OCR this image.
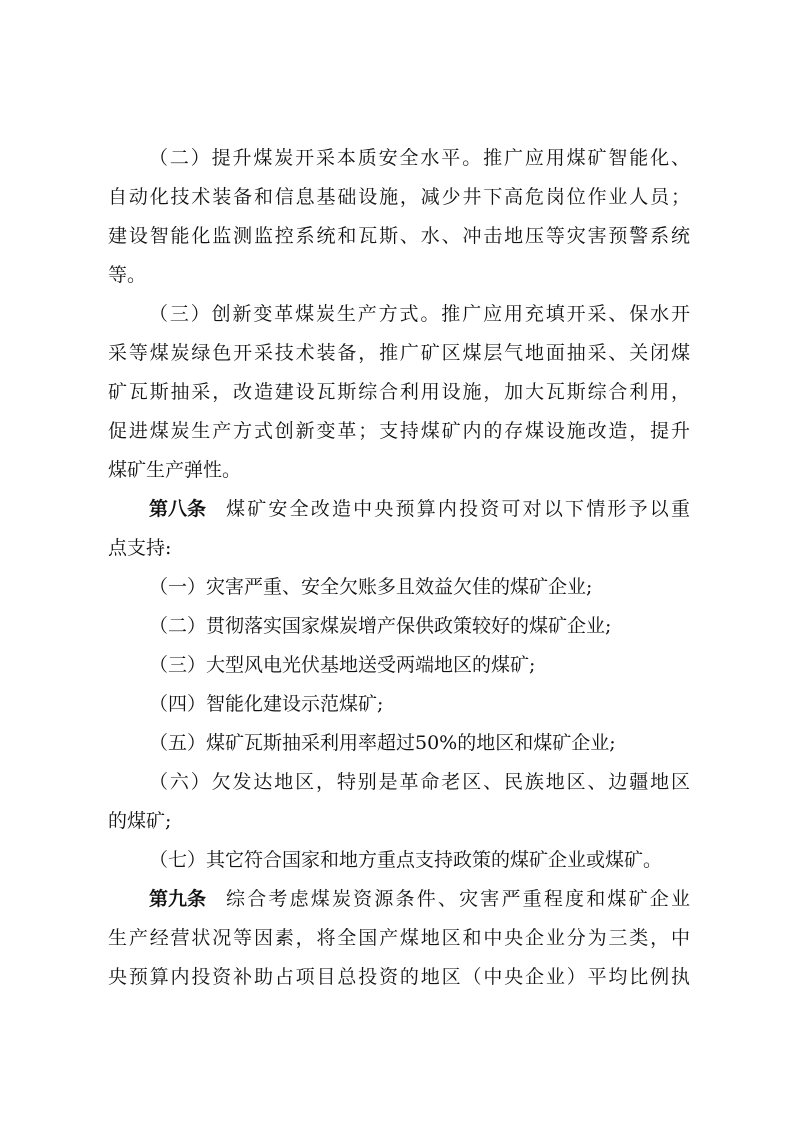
（二）提升煤炭开采本质安全水平。推广应用煤矿智能化、
自动化技术装备和信息基础设施，减少井下高危岗位作业人员；
建设智能化监测监控系统和瓦斯、水、冲击地压等灾害预警系统
等。
（三）创新变革煤炭生产方式。推广应用充填开采、保水开
采等煤炭绿色开采技术装备，推广矿区煤层气地面抽采、关闭煤
矿瓦斯抽采，改造建设瓦斯综合利用设施，加大瓦斯综合利用，
促进煤炭生产方式创新变革；支持煤矿内的存煤设施改造，提升
煤矿生产弹性。
第八条 煤矿安全改造中央预算内投资可对以下情形予以重
点支持:
（一）灾害严重、安全欠账多且效益欠佳的煤矿企业;
（二）贯彻落实国家煤炭增产保供政策较好的煤矿企业;
（三）大型风电光伏基地送受两端地区的煤矿;
（四）智能化建设示范煤矿;
（五）煤矿瓦斯抽采利用率超过50%的地区和煤矿企业;
（六）欠发达地区，特别是革命老区、民族地区、边疆地区
的煤矿;
（七）其它符合国家和地方重点支持政策的煤矿企业或煤矿。
第九条 综合考虑煤炭资源条件、灾害严重程度和煤矿企业
生产经营状况等因素，将全国产煤地区和中央企业分为三类，中
央预算内投资补助占项目总投资的地区（中央企业）平均比例执
